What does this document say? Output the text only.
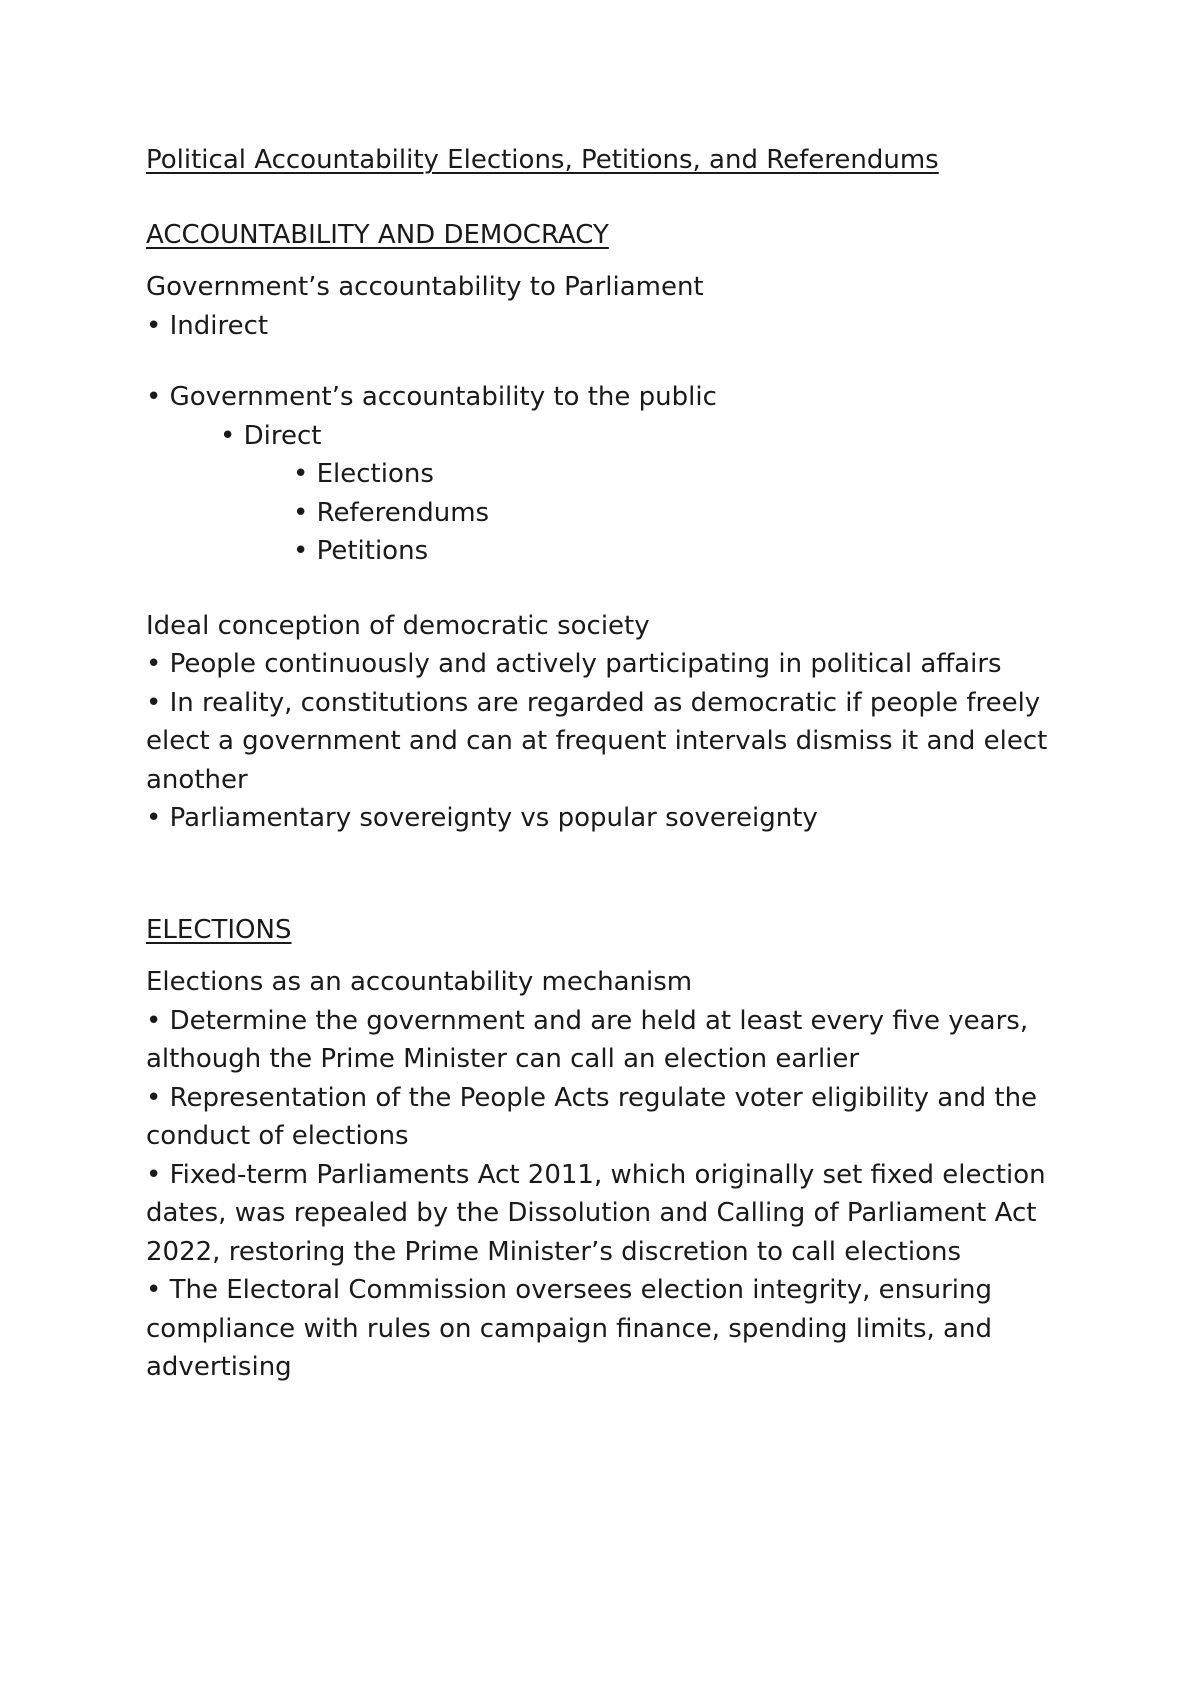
Political Accountability Elections, Petitions, and Referendums

ACCOUNTABILITY AND DEMOCRACY

Government’s accountability to Parliament

• Indirect

• Government’s accountability to the public

• Direct

• Elections

• Referendums

• Petitions

Ideal conception of democratic society

• People continuously and actively participating in political affairs

• In reality, constitutions are regarded as democratic if people freely elect a government and can at frequent intervals dismiss it and elect another

• Parliamentary sovereignty vs popular sovereignty

ELECTIONS

Elections as an accountability mechanism

• Determine the government and are held at least every five years, although the Prime Minister can call an election earlier

• Representation of the People Acts regulate voter eligibility and the conduct of elections

• Fixed-term Parliaments Act 2011, which originally set fixed election dates, was repealed by the Dissolution and Calling of Parliament Act 2022, restoring the Prime Minister’s discretion to call elections

• The Electoral Commission oversees election integrity, ensuring compliance with rules on campaign finance, spending limits, and advertising
